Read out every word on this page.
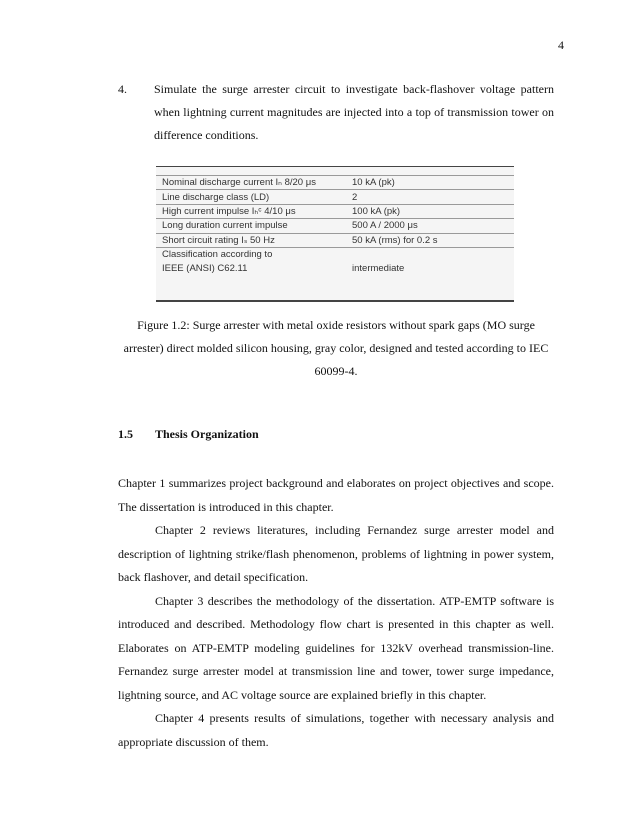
4
4. Simulate the surge arrester circuit to investigate back-flashover voltage pattern when lightning current magnitudes are injected into a top of transmission tower on difference conditions.
Nominal discharge current Iₙ 8/20 μs	10 kA (pk)
Line discharge class (LD)	2
High current impulse Iₕᶜ 4/10 μs	100 kA (pk)
Long duration current impulse	500 A / 2000 μs
Short circuit rating Iₛ 50 Hz	50 kA (rms) for 0.2 s
Classification according to	
IEEE (ANSI) C62.11	intermediate
Figure 1.2: Surge arrester with metal oxide resistors without spark gaps (MO surge arrester) direct molded silicon housing, gray color, designed and tested according to IEC 60099-4.
1.5 Thesis Organization

Chapter 1 summarizes project background and elaborates on project objectives and scope. The dissertation is introduced in this chapter.

Chapter 2 reviews literatures, including Fernandez surge arrester model and description of lightning strike/flash phenomenon, problems of lightning in power system, back flashover, and detail specification.

Chapter 3 describes the methodology of the dissertation. ATP-EMTP software is introduced and described. Methodology flow chart is presented in this chapter as well. Elaborates on ATP-EMTP modeling guidelines for 132kV overhead transmission-line. Fernandez surge arrester model at transmission line and tower, tower surge impedance, lightning source, and AC voltage source are explained briefly in this chapter.

Chapter 4 presents results of simulations, together with necessary analysis and appropriate discussion of them.
